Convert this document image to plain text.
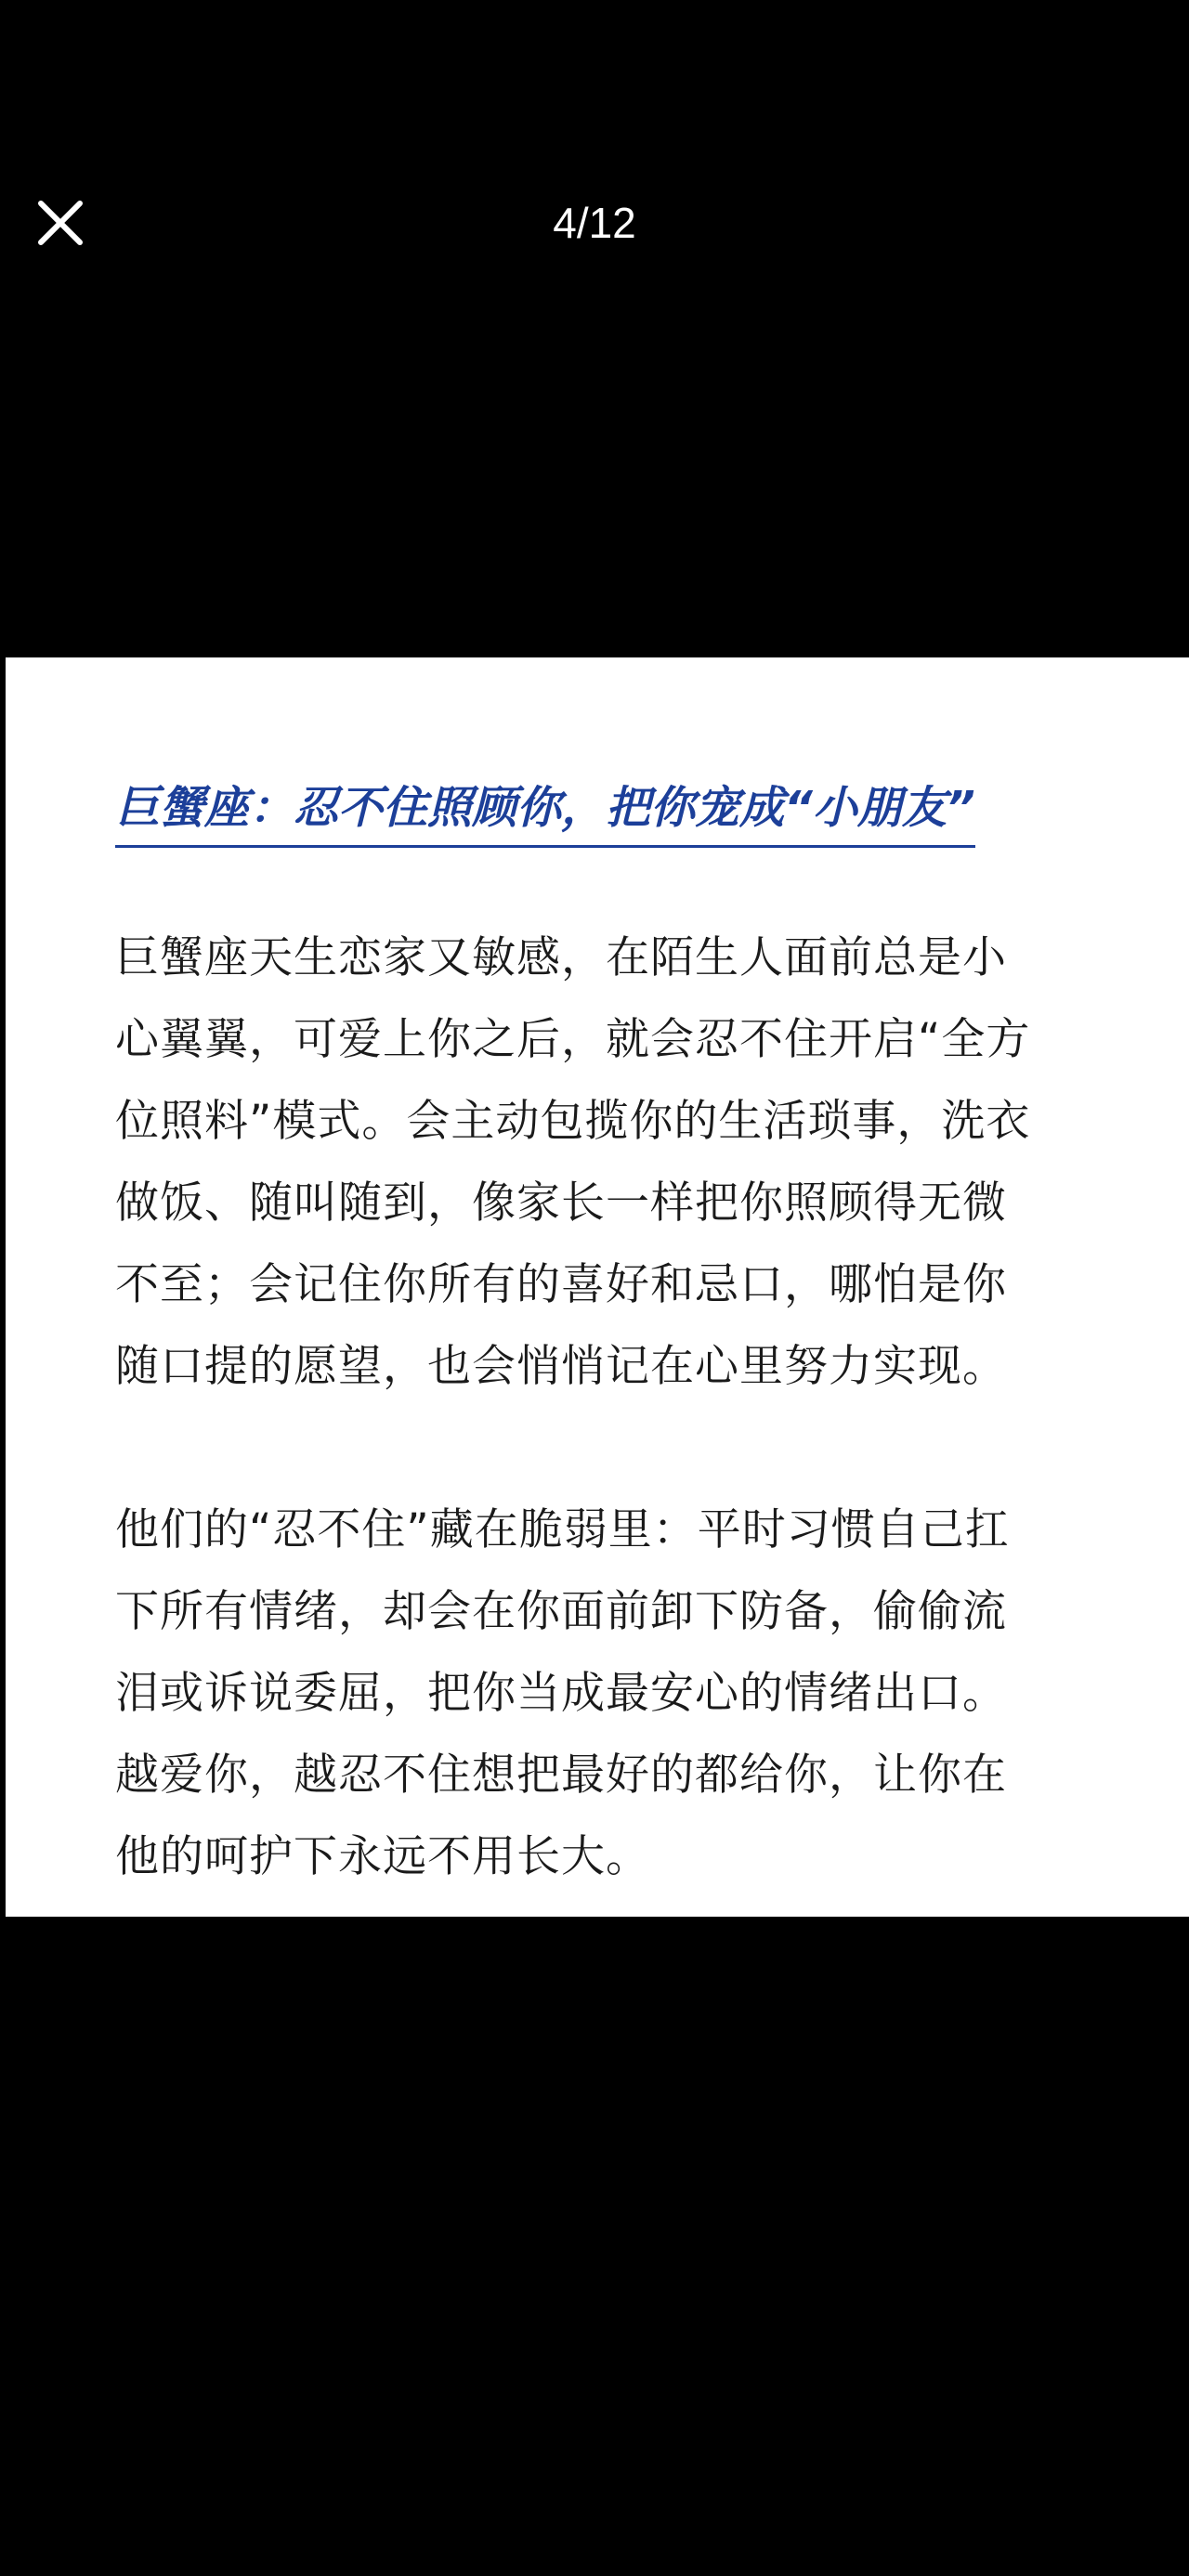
4/12
巨蟹座：忍不住照顾你，把你宠成“小朋友”

巨蟹座天生恋家又敏感，在陌生人面前总是小
心翼翼，可爱上你之后，就会忍不住开启“全方
位照料”模式。会主动包揽你的生活琐事，洗衣
做饭、随叫随到，像家长一样把你照顾得无微
不至；会记住你所有的喜好和忌口，哪怕是你
随口提的愿望，也会悄悄记在心里努力实现。

他们的“忍不住”藏在脆弱里：平时习惯自己扛
下所有情绪，却会在你面前卸下防备，偷偷流
泪或诉说委屈，把你当成最安心的情绪出口。
越爱你，越忍不住想把最好的都给你，让你在
他的呵护下永远不用长大。
